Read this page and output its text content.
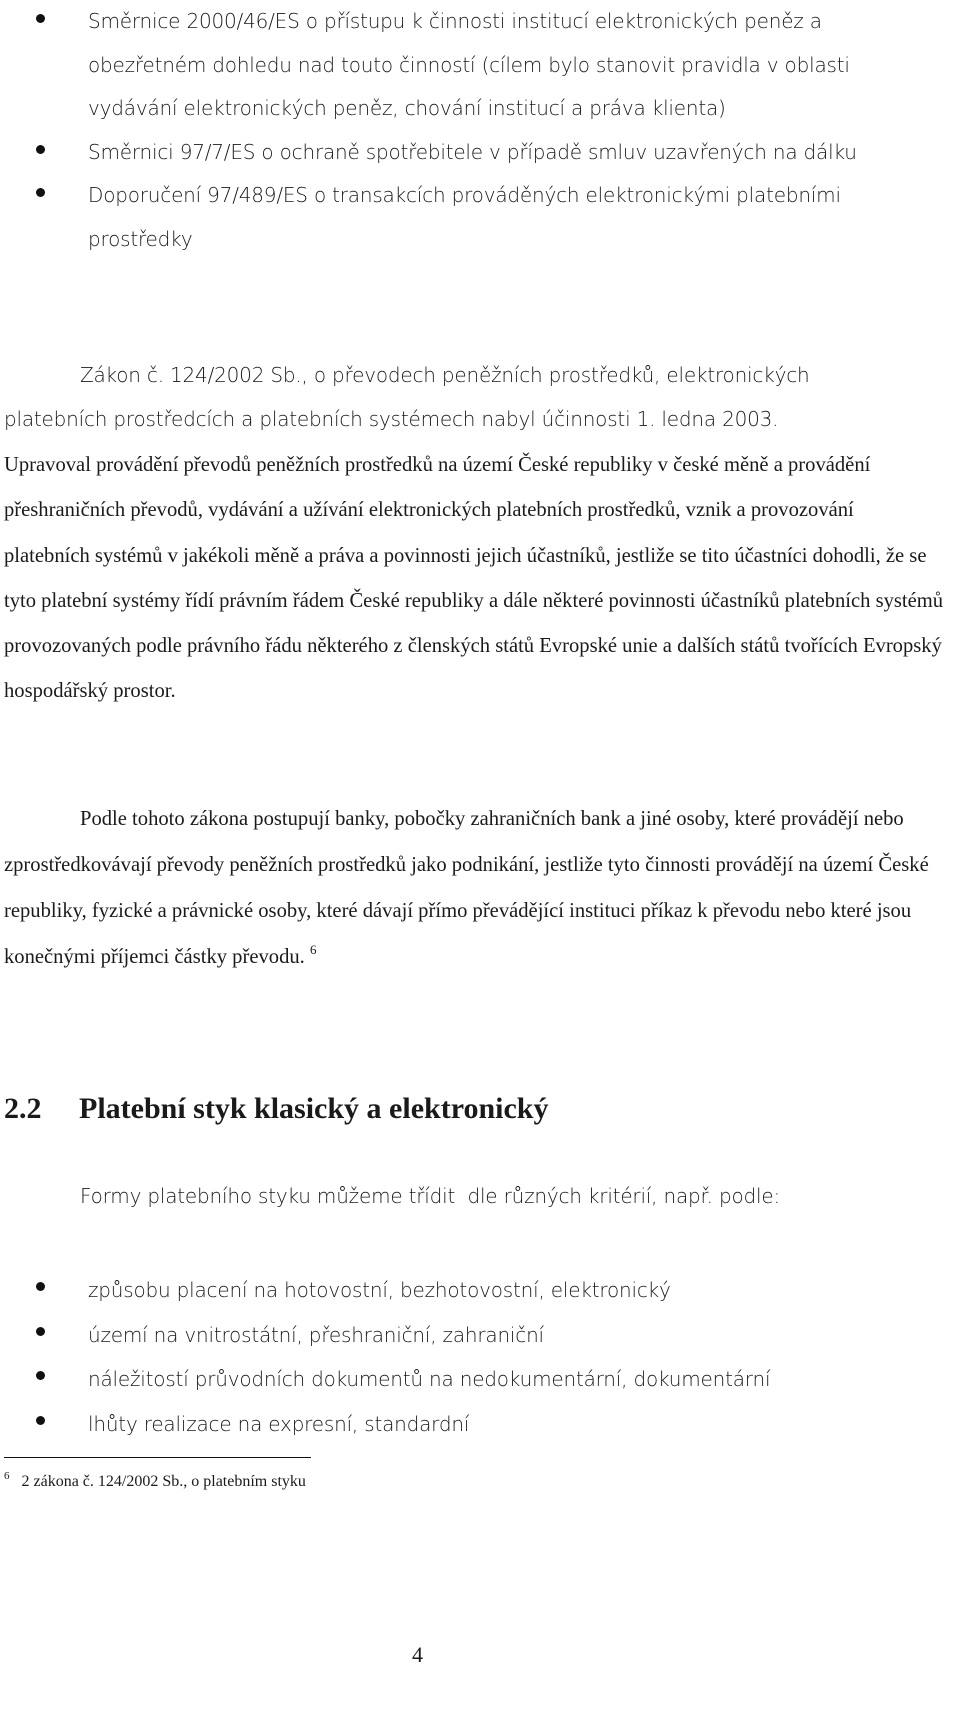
Směrnice 2000/46/ES o přístupu k činnosti institucí elektronických peněz a obezřetném dohledu nad touto činností (cílem bylo stanovit pravidla v oblasti vydávání elektronických peněz, chování institucí a práva klienta)
Směrnici 97/7/ES o ochraně spotřebitele v případě smluv uzavřených na dálku
Doporučení 97/489/ES o transakcích prováděných elektronickými platebními prostředky

Zákon č. 124/2002 Sb., o převodech peněžních prostředků, elektronických
platebních prostředcích a platebních systémech nabyl účinnosti 1. ledna 2003.

Upravoval provádění převodů peněžních prostředků na území České republiky v české měně a provádění přeshraničních převodů, vydávání a užívání elektronických platebních prostředků, vznik a provozování platebních systémů v jakékoli měně a práva a povinnosti jejich účastníků, jestliže se tito účastníci dohodli, že se tyto platební systémy řídí právním řádem České republiky a dále některé povinnosti účastníků platebních systémů provozovaných podle právního řádu některého z členských států Evropské unie a dalších států tvořících Evropský hospodářský prostor.

Podle tohoto zákona postupují banky, pobočky zahraničních bank a jiné osoby, které provádějí nebo zprostředkovávají převody peněžních prostředků jako podnikání, jestliže tyto činnosti provádějí na území České republiky, fyzické a právnické osoby, které dávají přímo převádějící instituci příkaz k převodu nebo které jsou konečnými příjemci částky převodu. $^6$

2.2 Platební styk klasický a elektronický

Formy platebního styku můžeme třídit  dle různých kritérií, např. podle:

způsobu placení na hotovostní, bezhotovostní, elektronický
území na vnitrostátní, přeshraniční, zahraniční
náležitostí průvodních dokumentů na nedokumentární, dokumentární
lhůty realizace na expresní, standardní

$^6$ 2 zákona č. 124/2002 Sb., o platebním styku

4
